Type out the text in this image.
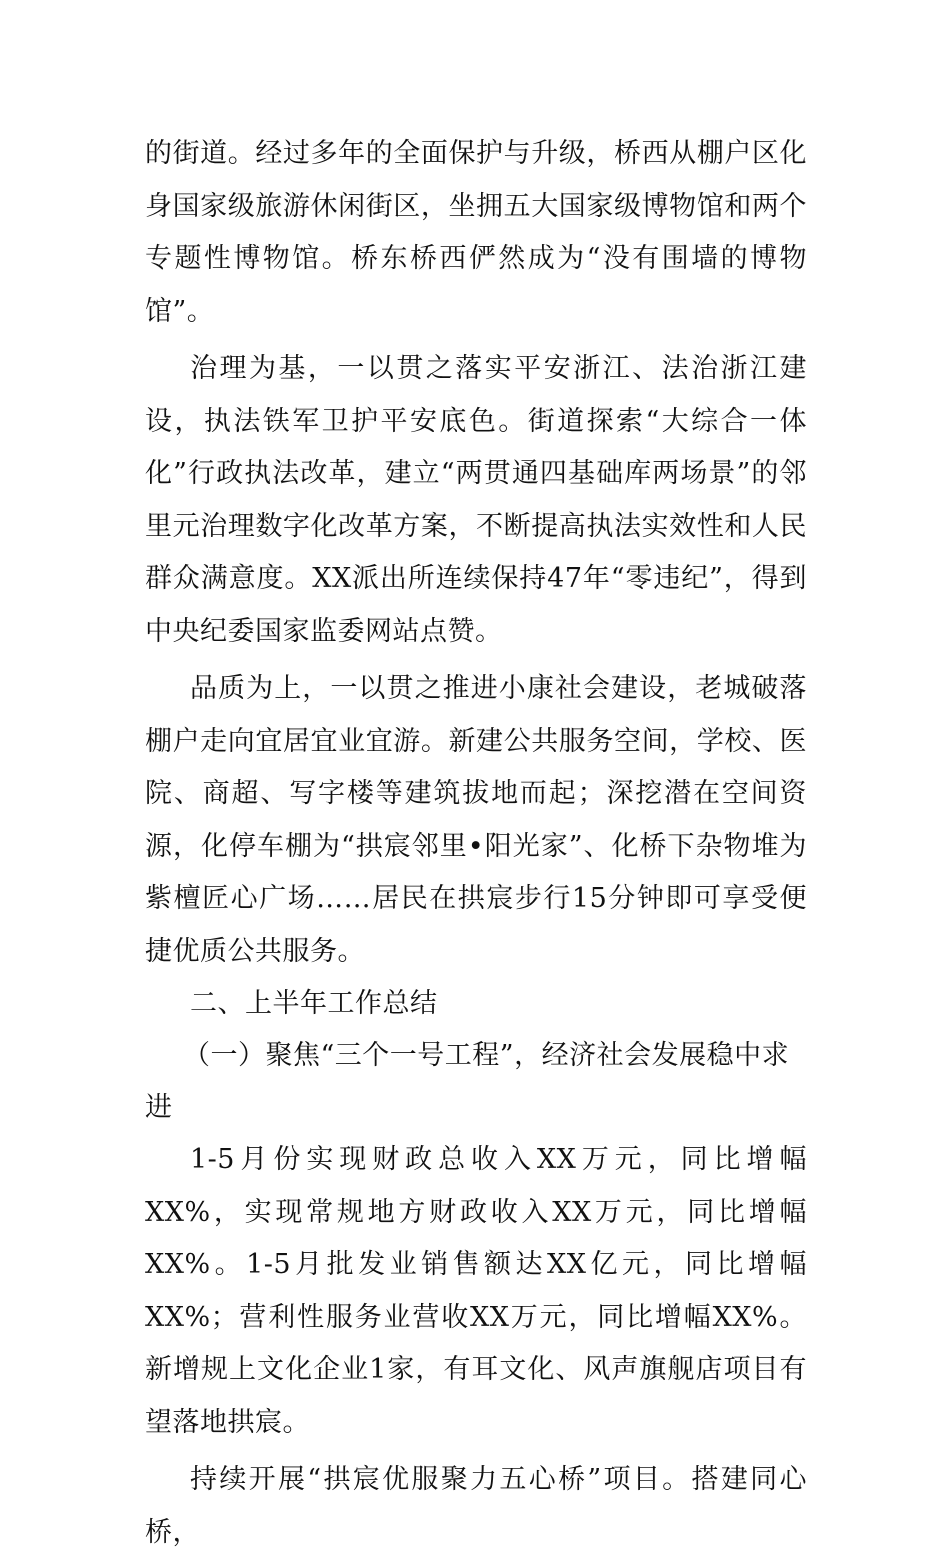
的街道。经过多年的全面保护与升级，桥西从棚户区化身国家级旅游休闲街区，坐拥五大国家级博物馆和两个专题性博物馆。桥东桥西俨然成为“没有围墙的博物馆”。

治理为基，一以贯之落实平安浙江、法治浙江建设，执法铁军卫护平安底色。街道探索“大综合一体化”行政执法改革，建立“两贯通四基础库两场景”的邻里元治理数字化改革方案，不断提高执法实效性和人民群众满意度。XX派出所连续保持47年“零违纪”，得到中央纪委国家监委网站点赞。

品质为上，一以贯之推进小康社会建设，老城破落棚户走向宜居宜业宜游。新建公共服务空间，学校、医院、商超、写字楼等建筑拔地而起；深挖潜在空间资源，化停车棚为“拱宸邻里•阳光家”、化桥下杂物堆为紫檀匠心广场……居民在拱宸步行15分钟即可享受便捷优质公共服务。

二、上半年工作总结

（一）聚焦“三个一号工程”，经济社会发展稳中求进

1-5月份实现财政总收入XX万元，同比增幅XX%，实现常规地方财政收入XX万元，同比增幅XX%。1-5月批发业销售额达XX亿元，同比增幅XX%；营利性服务业营收XX万元，同比增幅XX%。新增规上文化企业1家，有耳文化、风声旗舰店项目有望落地拱宸。

持续开展“拱宸优服聚力五心桥”项目。搭建同心桥，
